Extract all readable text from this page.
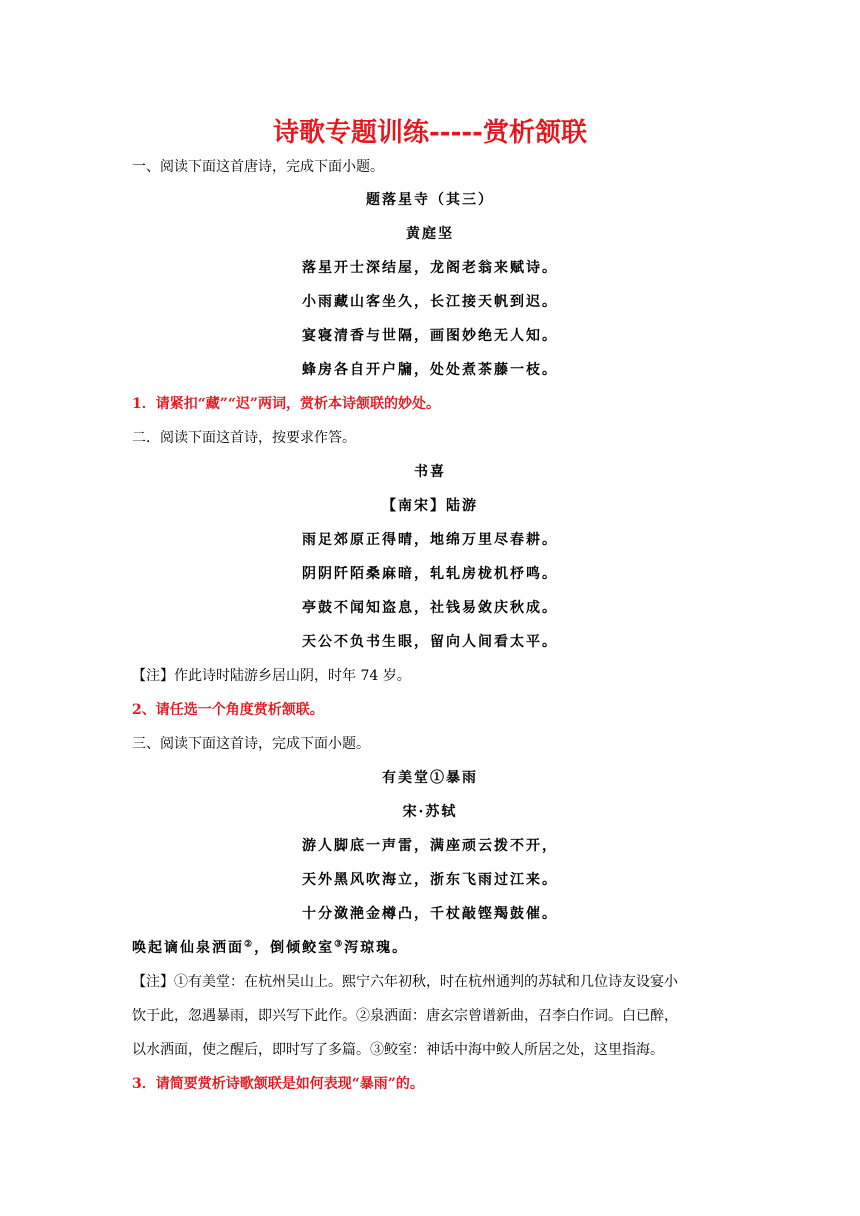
诗歌专题训练-----赏析颔联
一、阅读下面这首唐诗，完成下面小题。
题落星寺（其三）
黄庭坚
落星开士深结屋，龙阁老翁来赋诗。
小雨藏山客坐久，长江接天帆到迟。
宴寝清香与世隔，画图妙绝无人知。
蜂房各自开户牖，处处煮茶藤一枝。
1．请紧扣“藏”“迟”两词，赏析本诗颔联的妙处。
二．阅读下面这首诗，按要求作答。
书喜
【南宋】陆游
雨足郊原正得晴，地绵万里尽春耕。
阴阴阡陌桑麻暗，轧轧房栊机杼鸣。
亭鼓不闻知盗息，社钱易敛庆秋成。
天公不负书生眼，留向人间看太平。
【注】作此诗时陆游乡居山阴，时年 74 岁。
2、请任选一个角度赏析颔联。
三、阅读下面这首诗，完成下面小题。
有美堂①暴雨
宋·苏轼
游人脚底一声雷，满座顽云拨不开，
天外黑风吹海立，浙东飞雨过江来。
十分潋滟金樽凸，千杖敲铿羯鼓催。
唤起谪仙泉洒面②，倒倾鲛室③泻琼瑰。
【注】①有美堂：在杭州吴山上。熙宁六年初秋，时在杭州通判的苏轼和几位诗友设宴小
饮于此，忽遇暴雨，即兴写下此作。②泉洒面：唐玄宗曾谱新曲，召李白作词。白已醉，
以水洒面，使之醒后，即时写了多篇。③鲛室：神话中海中鲛人所居之处，这里指海。
3．请简要赏析诗歌颔联是如何表现“暴雨”的。
